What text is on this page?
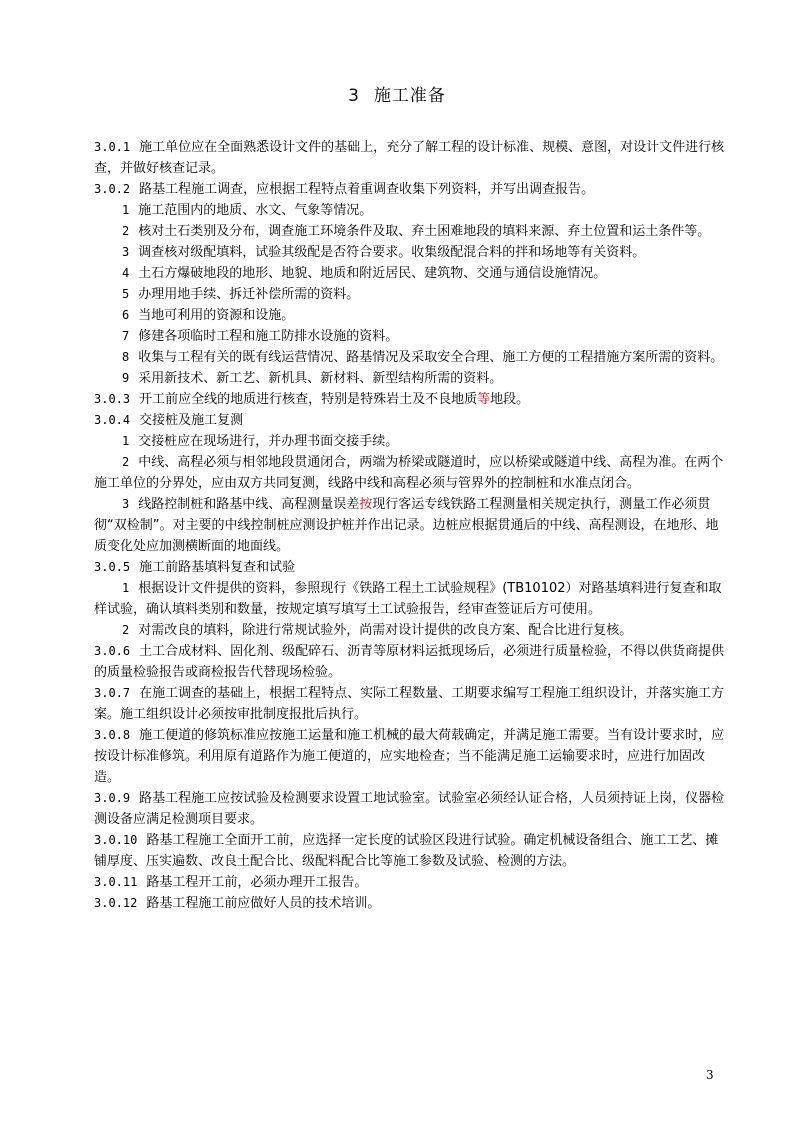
3 施工准备

3.0.1 施工单位应在全面熟悉设计文件的基础上，充分了解工程的设计标准、规模、意图，对设计文件进行核查，并做好核查记录。

3.0.2 路基工程施工调查，应根据工程特点着重调查收集下列资料，并写出调查报告。

1 施工范围内的地质、水文、气象等情况。

2 核对土石类别及分布，调查施工环境条件及取、弃土困难地段的填料来源、弃土位置和运土条件等。

3 调查核对级配填料，试验其级配是否符合要求。收集级配混合料的拌和场地等有关资料。

4 土石方爆破地段的地形、地貌、地质和附近居民、建筑物、交通与通信设施情况。

5 办理用地手续、拆迁补偿所需的资料。

6 当地可利用的资源和设施。

7 修建各项临时工程和施工防排水设施的资料。

8 收集与工程有关的既有线运营情况、路基情况及采取安全合理、施工方便的工程措施方案所需的资料。

9 采用新技术、新工艺、新机具、新材料、新型结构所需的资料。

3.0.3 开工前应全线的地质进行核查，特别是特殊岩土及不良地质等地段。

3.0.4 交接桩及施工复测

1 交接桩应在现场进行，并办理书面交接手续。

2 中线、高程必须与相邻地段贯通闭合，两端为桥梁或隧道时，应以桥梁或隧道中线、高程为准。在两个施工单位的分界处，应由双方共同复测，线路中线和高程必须与管界外的控制桩和水准点闭合。

3 线路控制桩和路基中线、高程测量误差按现行客运专线铁路工程测量相关规定执行，测量工作必须贯彻“双检制”。对主要的中线控制桩应测设护桩并作出记录。边桩应根据贯通后的中线、高程测设，在地形、地质变化处应加测横断面的地面线。

3.0.5 施工前路基填料复查和试验

1 根据设计文件提供的资料，参照现行《铁路工程土工试验规程》(TB10102）对路基填料进行复查和取样试验，确认填料类别和数量，按规定填写填写土工试验报告，经审查签证后方可使用。

2 对需改良的填料，除进行常规试验外，尚需对设计提供的改良方案、配合比进行复核。

3.0.6 土工合成材料、固化剂、级配碎石、沥青等原材料运抵现场后，必须进行质量检验，不得以供货商提供的质量检验报告或商检报告代替现场检验。

3.0.7 在施工调查的基础上，根据工程特点、实际工程数量、工期要求编写工程施工组织设计，并落实施工方案。施工组织设计必须按审批制度报批后执行。

3.0.8 施工便道的修筑标准应按施工运量和施工机械的最大荷载确定，并满足施工需要。当有设计要求时，应按设计标准修筑。利用原有道路作为施工便道的，应实地检查；当不能满足施工运输要求时，应进行加固改造。

3.0.9 路基工程施工应按试验及检测要求设置工地试验室。试验室必须经认证合格，人员须持证上岗，仪器检测设备应满足检测项目要求。

3.0.10 路基工程施工全面开工前，应选择一定长度的试验区段进行试验。确定机械设备组合、施工工艺、摊铺厚度、压实遍数、改良土配合比、级配料配合比等施工参数及试验、检测的方法。

3.0.11 路基工程开工前，必须办理开工报告。

3.0.12 路基工程施工前应做好人员的技术培训。

3
